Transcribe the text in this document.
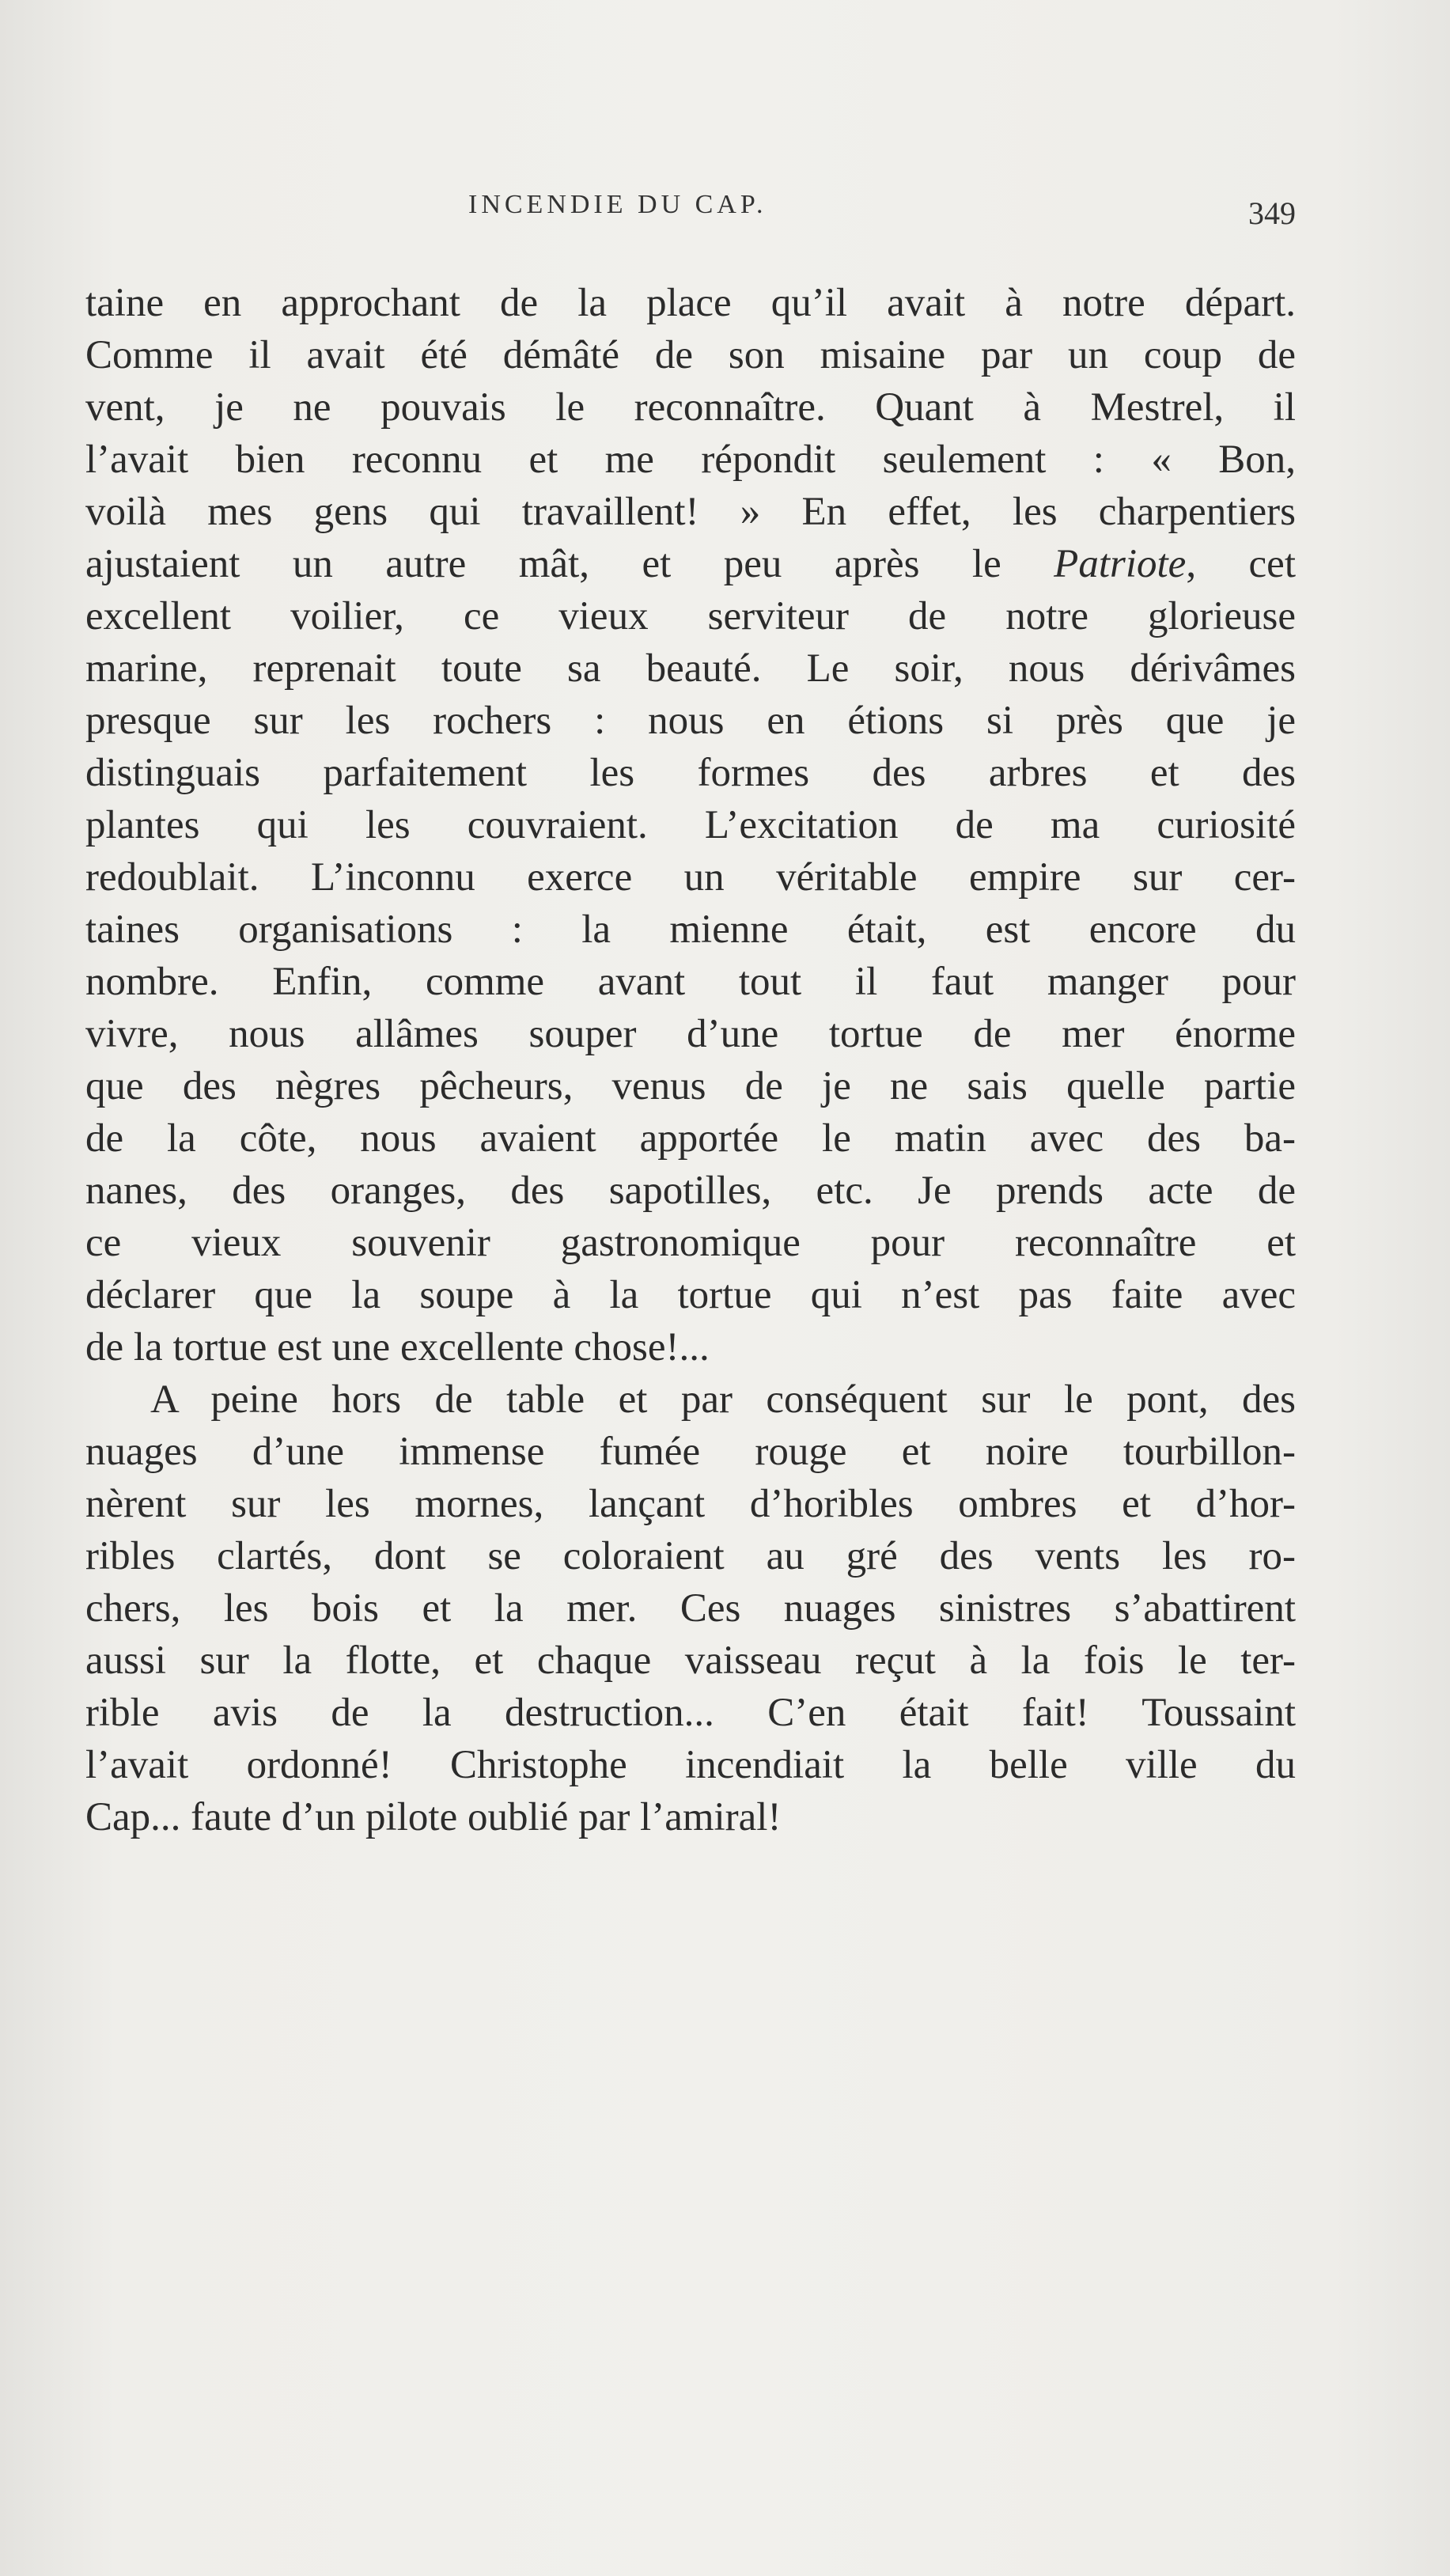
INCENDIE DU CAP.	349
taine en approchant de la place qu’il avait à notre départ.
Comme il avait été démâté de son misaine par un coup de
vent, je ne pouvais le reconnaître. Quant à Mestrel, il
l’avait bien reconnu et me répondit seulement : « Bon,
voilà mes gens qui travaillent! » En effet, les charpentiers
ajustaient un autre mât, et peu après le Patriote, cet
excellent voilier, ce vieux serviteur de notre glorieuse
marine, reprenait toute sa beauté. Le soir, nous dérivâmes
presque sur les rochers : nous en étions si près que je
distinguais parfaitement les formes des arbres et des
plantes qui les couvraient. L’excitation de ma curiosité
redoublait. L’inconnu exerce un véritable empire sur cer-
taines organisations : la mienne était, est encore du
nombre. Enfin, comme avant tout il faut manger pour
vivre, nous allâmes souper d’une tortue de mer énorme
que des nègres pêcheurs, venus de je ne sais quelle partie
de la côte, nous avaient apportée le matin avec des ba-
nanes, des oranges, des sapotilles, etc. Je prends acte de
ce vieux souvenir gastronomique pour reconnaître et
déclarer que la soupe à la tortue qui n’est pas faite avec
de la tortue est une excellente chose!...
A peine hors de table et par conséquent sur le pont, des
nuages d’une immense fumée rouge et noire tourbillon-
nèrent sur les mornes, lançant d’horibles ombres et d’hor-
ribles clartés, dont se coloraient au gré des vents les ro-
chers, les bois et la mer. Ces nuages sinistres s’abattirent
aussi sur la flotte, et chaque vaisseau reçut à la fois le ter-
rible avis de la destruction... C’en était fait! Toussaint
l’avait ordonné! Christophe incendiait la belle ville du
Cap... faute d’un pilote oublié par l’amiral!
